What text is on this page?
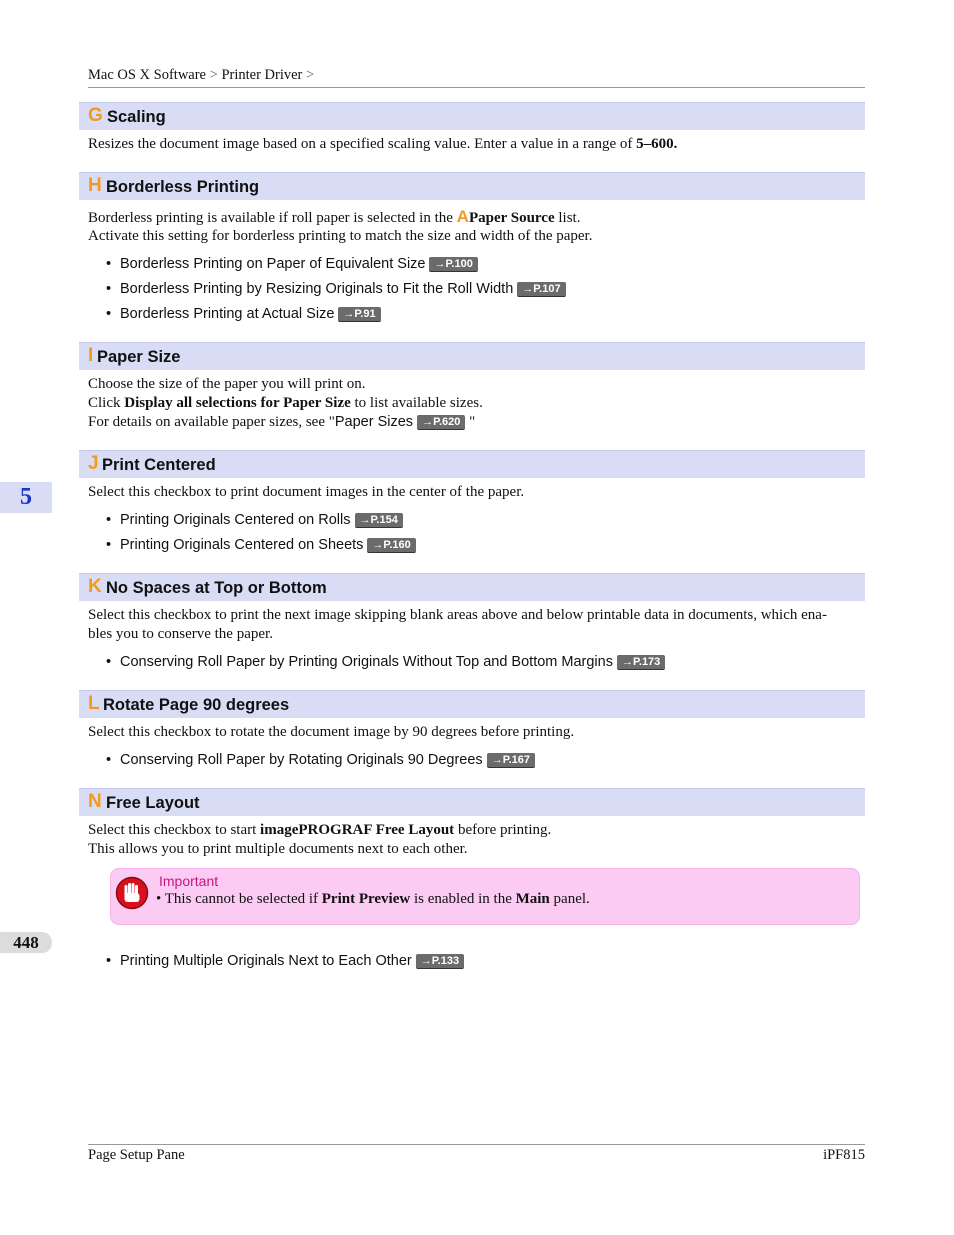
Mac OS X Software > Printer Driver >
G Scaling
Resizes the document image based on a specified scaling value. Enter a value in a range of 5–600.
H Borderless Printing
Borderless printing is available if roll paper is selected in the APaper Source list.
Activate this setting for borderless printing to match the size and width of the paper.
• Borderless Printing on Paper of Equivalent Size →P.100
• Borderless Printing by Resizing Originals to Fit the Roll Width →P.107
• Borderless Printing at Actual Size →P.91
I Paper Size
Choose the size of the paper you will print on.
Click Display all selections for Paper Size to list available sizes.
For details on available paper sizes, see "Paper Sizes →P.620 "
J Print Centered
Select this checkbox to print document images in the center of the paper.
• Printing Originals Centered on Rolls →P.154
• Printing Originals Centered on Sheets →P.160
K No Spaces at Top or Bottom
Select this checkbox to print the next image skipping blank areas above and below printable data in documents, which ena-
bles you to conserve the paper.
• Conserving Roll Paper by Printing Originals Without Top and Bottom Margins →P.173
L Rotate Page 90 degrees
Select this checkbox to rotate the document image by 90 degrees before printing.
• Conserving Roll Paper by Rotating Originals 90 Degrees →P.167
N Free Layout
Select this checkbox to start imagePROGRAF Free Layout before printing.
This allows you to print multiple documents next to each other.
Important
• This cannot be selected if Print Preview is enabled in the Main panel.
• Printing Multiple Originals Next to Each Other →P.133
5
448
Page Setup Pane	iPF815
